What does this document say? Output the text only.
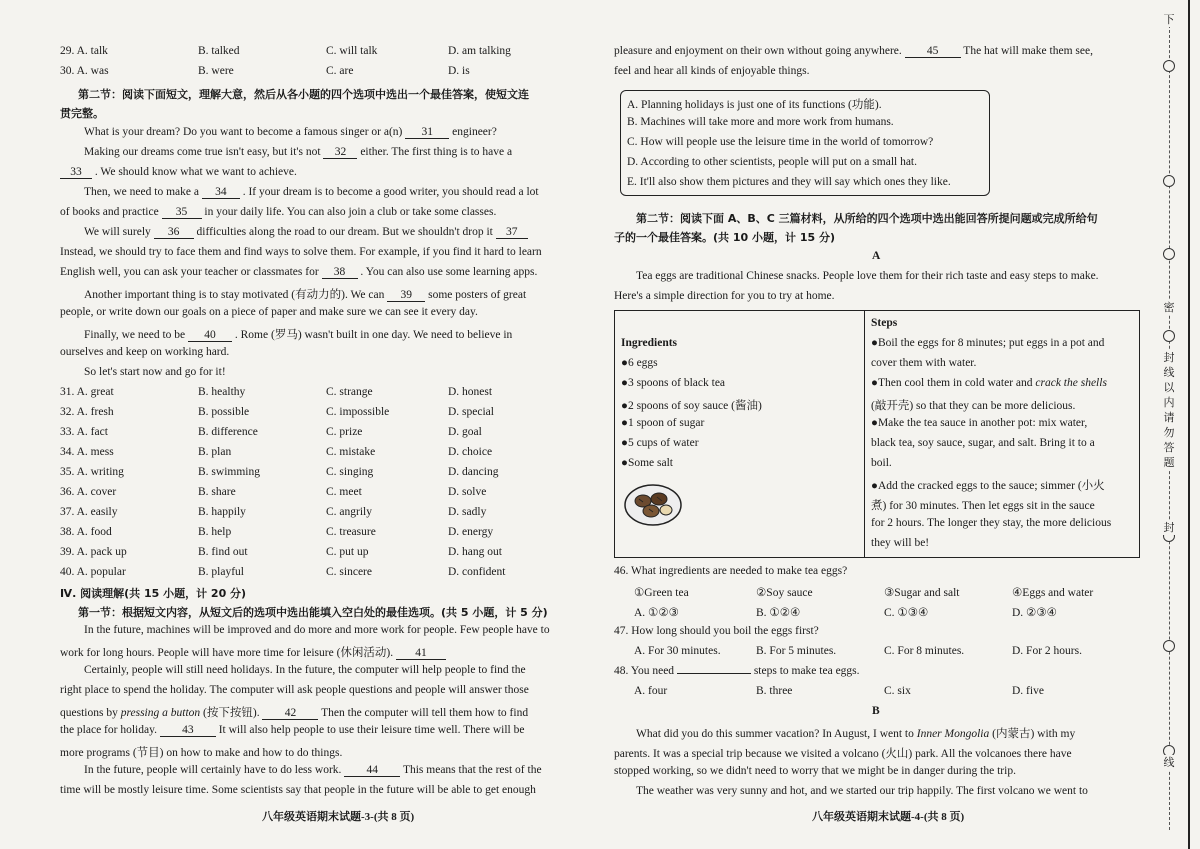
29. A. talk	B. talked	C. will talk	D. am talking
30. A. was	B. were	C. are	D. is
第二节：阅读下面短文，理解大意，然后从各小题的四个选项中选出一个最佳答案，使短文连
贯完整。
What is your dream? Do you want to become a famous singer or a(n) 31 engineer?
Making our dreams come true isn't easy, but it's not 32 either. The first thing is to have a
33 . We should know what we want to achieve.
Then, we need to make a 34 . If your dream is to become a good writer, you should read a lot
of books and practice 35 in your daily life. You can also join a club or take some classes.
We will surely 36 difficulties along the road to our dream. But we shouldn't drop it 37
Instead, we should try to face them and find ways to solve them. For example, if you find it hard to learn
English well, you can ask your teacher or classmates for 38 . You can also use some learning apps.
Another important thing is to stay motivated (有动力的). We can 39 some posters of great
people, or write down our goals on a piece of paper and make sure we can see it every day.
Finally, we need to be 40 . Rome (罗马) wasn't built in one day. We need to believe in
ourselves and keep on working hard.
So let's start now and go for it!
31. A. great	B. healthy	C. strange	D. honest
32. A. fresh	B. possible	C. impossible	D. special
33. A. fact	B. difference	C. prize	D. goal
34. A. mess	B. plan	C. mistake	D. choice
35. A. writing	B. swimming	C. singing	D. dancing
36. A. cover	B. share	C. meet	D. solve
37. A. easily	B. happily	C. angrily	D. sadly
38. A. food	B. help	C. treasure	D. energy
39. A. pack up	B. find out	C. put up	D. hang out
40. A. popular	B. playful	C. sincere	D. confident
Ⅳ. 阅读理解(共 15 小题，计 20 分)
第一节：根据短文内容，从短文后的选项中选出能填入空白处的最佳选项。(共 5 小题，计 5 分)
In the future, machines will be improved and do more and more work for people. Few people have to
work for long hours. People will have more time for leisure (休闲活动). 41
Certainly, people will still need holidays. In the future, the computer will help people to find the
right place to spend the holiday. The computer will ask people questions and people will answer those
questions by pressing a button (按下按钮). 42 Then the computer will tell them how to find
the place for holiday. 43 It will also help people to use their leisure time well. There will be
more programs (节目) on how to make and how to do things.
In the future, people will certainly have to do less work. 44 This means that the rest of the
time will be mostly leisure time. Some scientists say that people in the future will be able to get enough
八年级英语期末试题-3-(共 8 页)
pleasure and enjoyment on their own without going anywhere. 45 The hat will make them see,
feel and hear all kinds of enjoyable things.
A. Planning holidays is just one of its functions (功能).
B. Machines will take more and more work from humans.
C. How will people use the leisure time in the world of tomorrow?
D. According to other scientists, people will put on a small hat.
E. It'll also show them pictures and they will say which ones they like.
第二节：阅读下面 A、B、C 三篇材料，从所给的四个选项中选出能回答所提问题或完成所给句
子的一个最佳答案。(共 10 小题，计 15 分)
A
Tea eggs are traditional Chinese snacks. People love them for their rich taste and easy steps to make.
Here's a simple direction for you to try at home.
Ingredients
●6 eggs
●3 spoons of black tea
●2 spoons of soy sauce (酱油)
●1 spoon of sugar
●5 cups of water
●Some salt
Steps
●Boil the eggs for 8 minutes; put eggs in a pot and
cover them with water.
●Then cool them in cold water and crack the shells
(敲开壳) so that they can be more delicious.
●Make the tea sauce in another pot: mix water,
black tea, soy sauce, sugar, and salt. Bring it to a
boil.
●Add the cracked eggs to the sauce; simmer (小火
煮) for 30 minutes. Then let eggs sit in the sauce
for 2 hours. The longer they stay, the more delicious
they will be!
46. What ingredients are needed to make tea eggs?
①Green tea	②Soy sauce	③Sugar and salt	④Eggs and water
A. ①②③	B. ①②④	C. ①③④	D. ②③④
47. How long should you boil the eggs first?
A. For 30 minutes.	B. For 5 minutes.	C. For 8 minutes.	D. For 2 hours.
48. You need	steps to make tea eggs.
A. four	B. three	C. six	D. five
B
What did you do this summer vacation? In August, I went to Inner Mongolia (内蒙古) with my
parents. It was a special trip because we visited a volcano (火山) park. All the volcanoes there have
stopped working, so we didn't need to worry that we might be in danger during the trip.
The weather was very sunny and hot, and we started our trip happily. The first volcano we went to
八年级英语期末试题-4-(共 8 页)
下
密
封
线
以
内
请
勿
答
题
封
线
